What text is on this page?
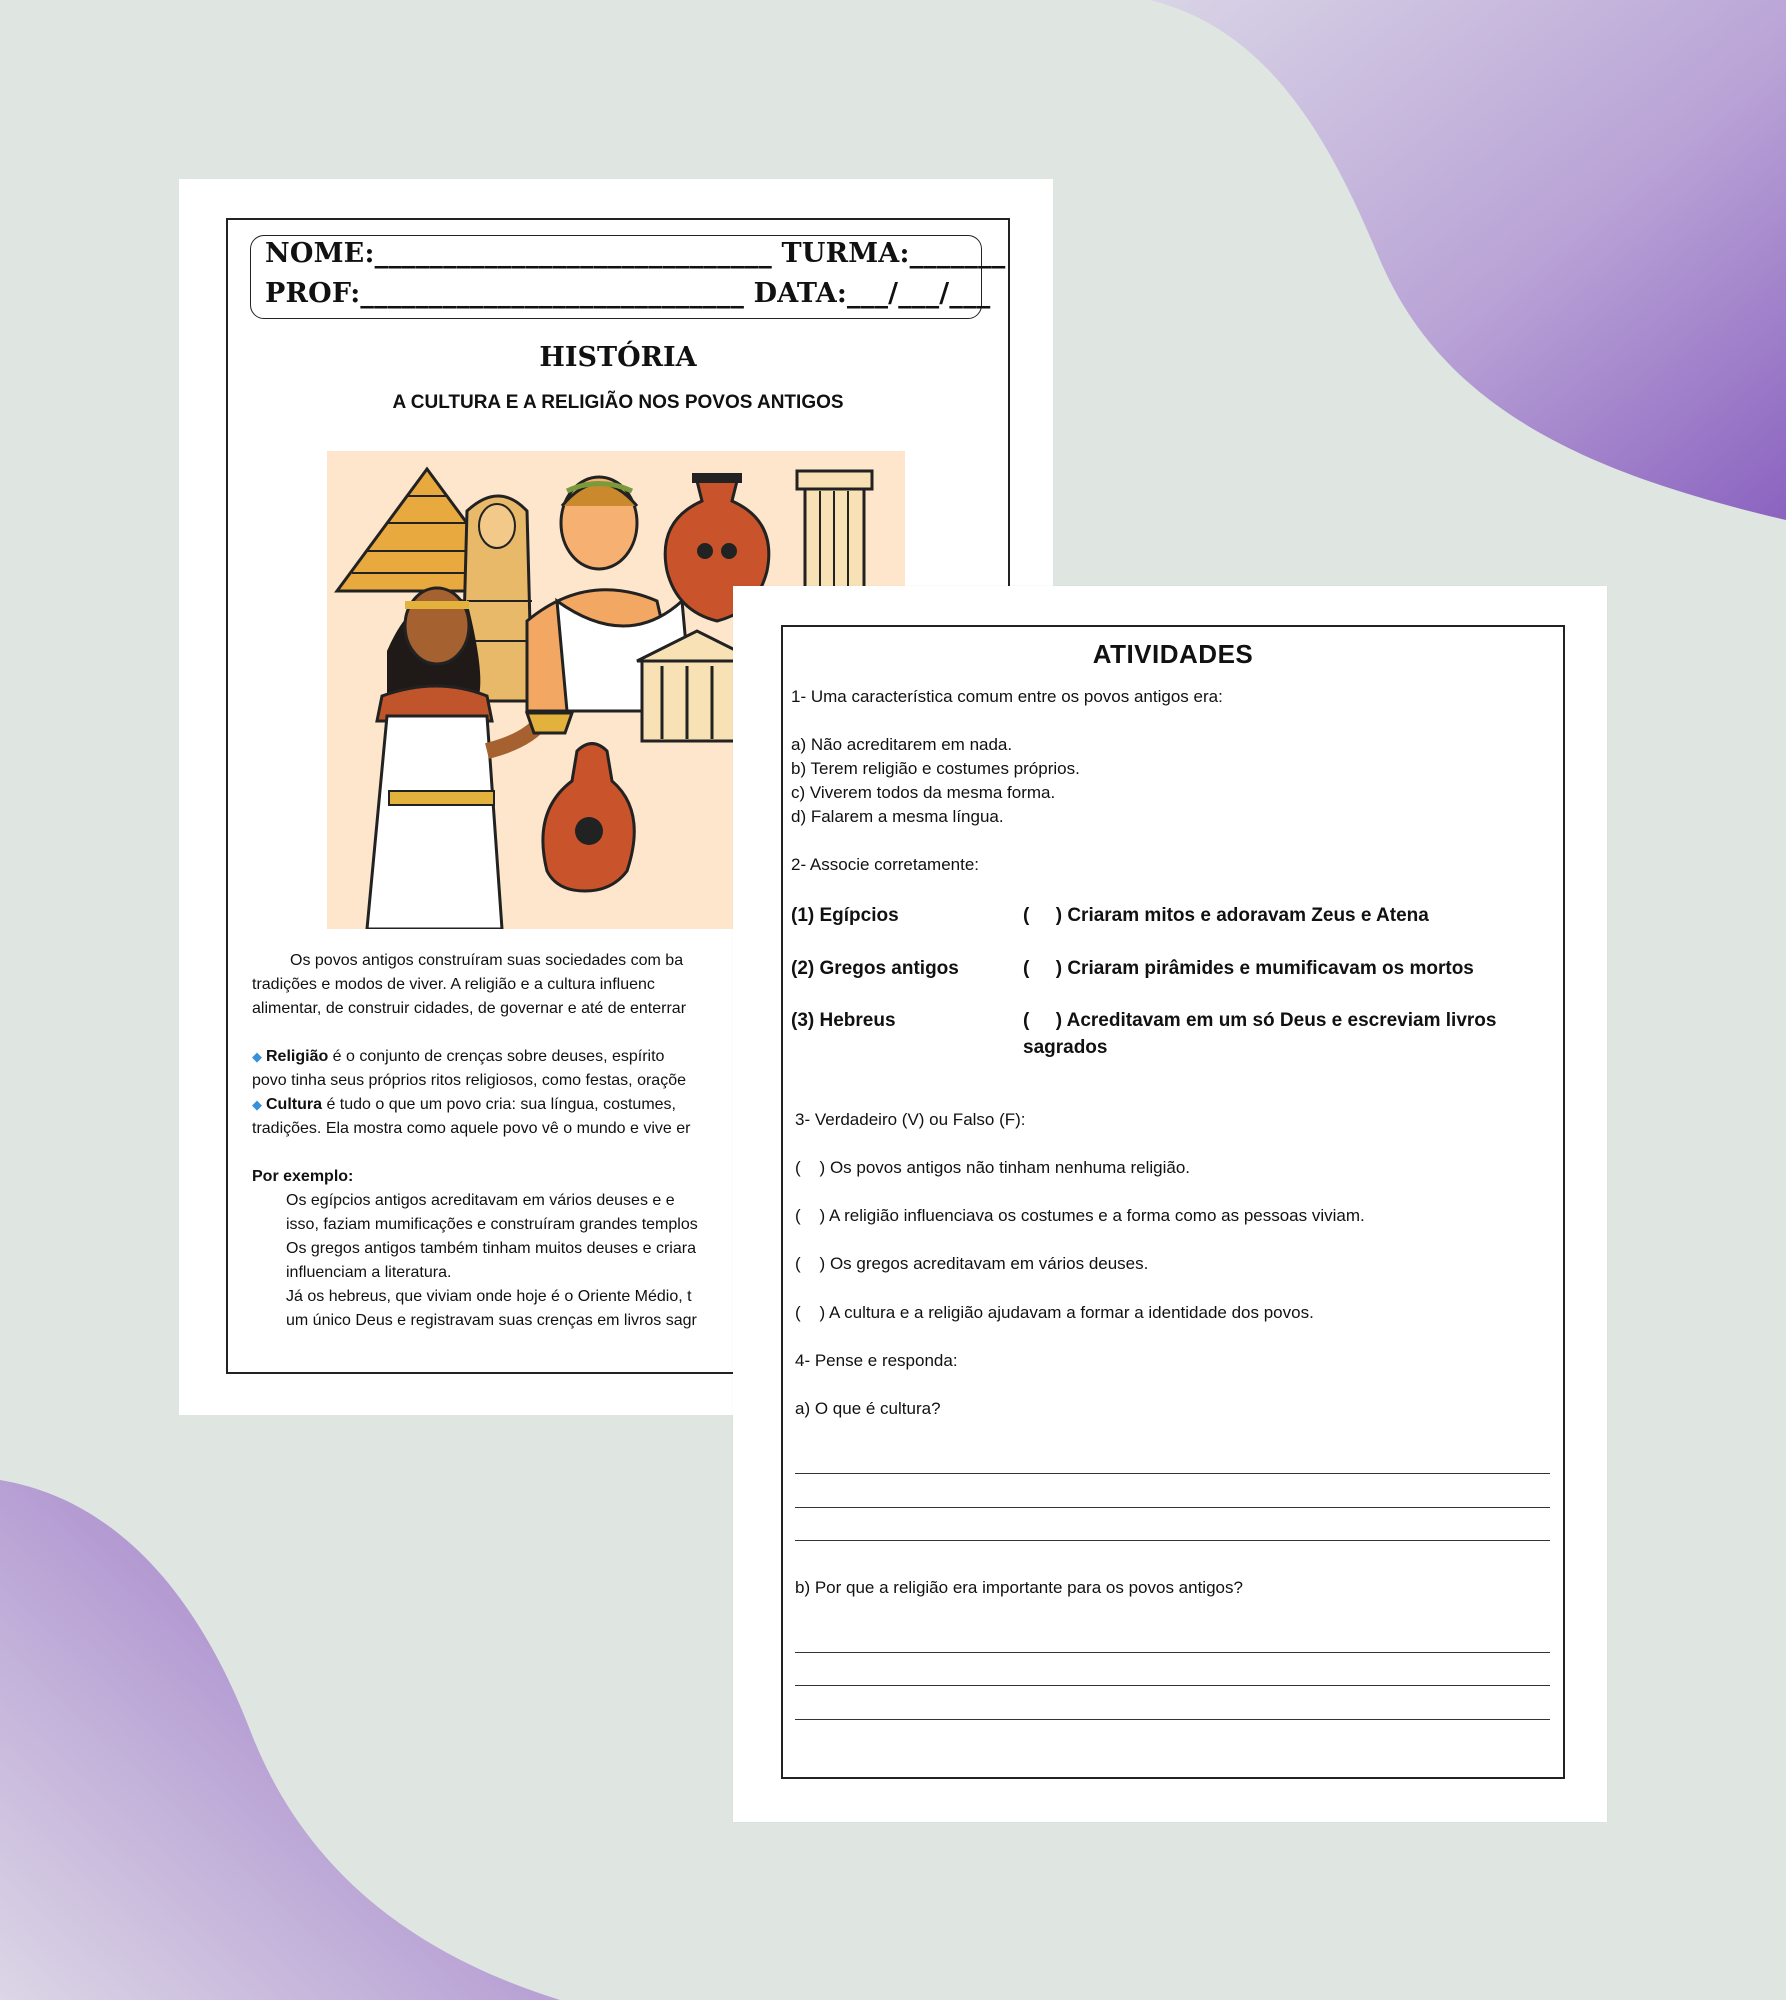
NOME:_____________________________ TURMA:_______
PROF:____________________________ DATA:___/___/___
HISTÓRIA
A CULTURA E A RELIGIÃO NOS POVOS ANTIGOS
Os povos antigos construíram suas sociedades com ba
tradições e modos de viver. A religião e a cultura influenc
alimentar, de construir cidades, de governar e até de enterrar
◆ Religião é o conjunto de crenças sobre deuses, espírito
povo tinha seus próprios ritos religiosos, como festas, oraçõe
◆ Cultura é tudo o que um povo cria: sua língua, costumes,
tradições. Ela mostra como aquele povo vê o mundo e vive er
Por exemplo:
• Os egípcios antigos acreditavam em vários deuses e e
isso, faziam mumificações e construíram grandes templos
• Os gregos antigos também tinham muitos deuses e criara
influenciam a literatura.
• Já os hebreus, que viviam onde hoje é o Oriente Médio, t
um único Deus e registravam suas crenças em livros sagr
ATIVIDADES
1- Uma característica comum entre os povos antigos era:
a) Não acreditarem em nada.
b) Terem religião e costumes próprios.
c) Viverem todos da mesma forma.
d) Falarem a mesma língua.
2- Associe corretamente:
(1) Egípcios
(2) Gregos antigos
(3) Hebreus
(     ) Criaram mitos e adoravam Zeus e Atena
(     ) Criaram pirâmides e mumificavam os mortos
(     ) Acreditavam em um só Deus e escreviam livros
sagrados
3- Verdadeiro (V) ou Falso (F):
(    ) Os povos antigos não tinham nenhuma religião.
(    ) A religião influenciava os costumes e a forma como as pessoas viviam.
(    ) Os gregos acreditavam em vários deuses.
(    ) A cultura e a religião ajudavam a formar a identidade dos povos.
4- Pense e responda:
a) O que é cultura?
b) Por que a religião era importante para os povos antigos?
